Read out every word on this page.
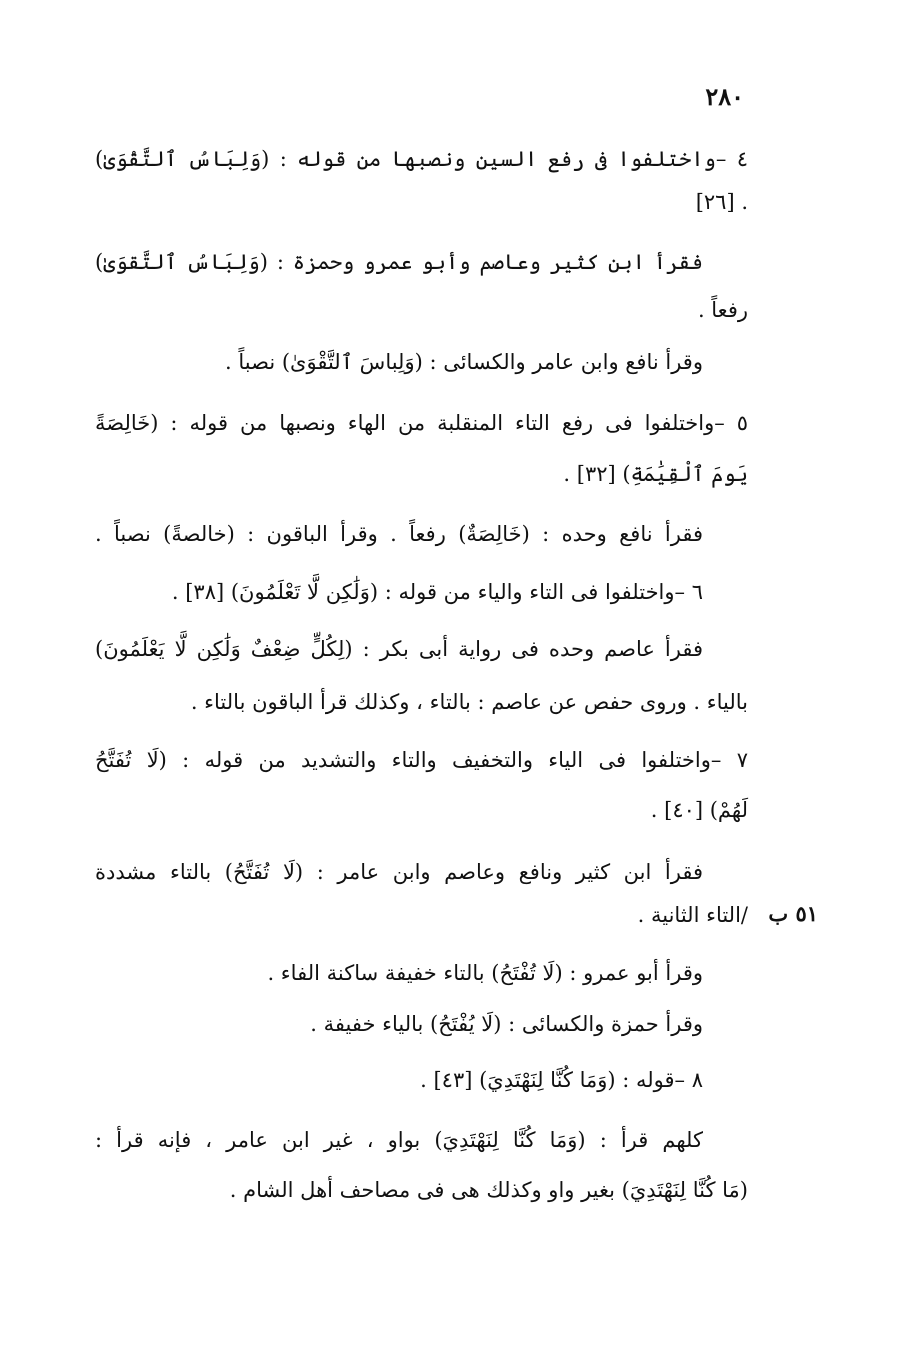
٢٨٠
٤ –واختلفوا فى رفع السين ونصبها من قوله : (وَلِبَاسُ ٱلتَّقْوَىٰ)
. [٢٦]
فقرأ ابن كثير وعاصم وأبو عمرو وحمزة : (وَلِبَاسُ ٱلتَّقوَىٰ)
رفعاً .
وقرأ نافع وابن عامر والكسائى : (وَلِباسَ ٱلتَّقْوَىٰ) نصباً .
٥ –واختلفوا فى رفع التاء المنقلبة من الهاء ونصبها من قوله : (خَالِصَةً
يَومَ ٱلْقِيَٰمَةِ) [٣٢] .
فقرأ نافع وحده : (خَالِصَةٌ) رفعاً . وقرأ الباقون : (خالصةً) نصباً .
٦ –واختلفوا فى التاء والياء من قوله : (وَلَٰكِن لَّا تَعْلَمُونَ) [٣٨] .
فقرأ عاصم وحده فى رواية أبى بكر : (لِكُلٍّ ضِعْفٌ وَلَٰكِن لَّا يَعْلَمُونَ)
بالياء . وروى حفص عن عاصم : بالتاء ، وكذلك قرأ الباقون بالتاء .
٧ –واختلفوا فى الياء والتخفيف والتاء والتشديد من قوله : (لَا تُفَتَّحُ
لَهُمْ) [٤٠] .
فقرأ ابن كثير ونافع وعاصم وابن عامر : (لَا تُفَتَّحُ) بالتاء مشددة
٥١ ب
/التاء الثانية .
وقرأ أبو عمرو : (لَا تُفْتَحُ) بالتاء خفيفة ساكنة الفاء .
وقرأ حمزة والكسائى : (لَا يُفْتَحُ) بالياء خفيفة .
٨ –قوله : (وَمَا كُنَّا لِنَهْتَدِيَ) [٤٣] .
كلهم قرأ : (وَمَا كُنَّا لِنَهْتَدِيَ) بواو ، غير ابن عامر ، فإنه قرأ :
(مَا كُنَّا لِنَهْتَدِيَ) بغير واو وكذلك هى فى مصاحف أهل الشام .
